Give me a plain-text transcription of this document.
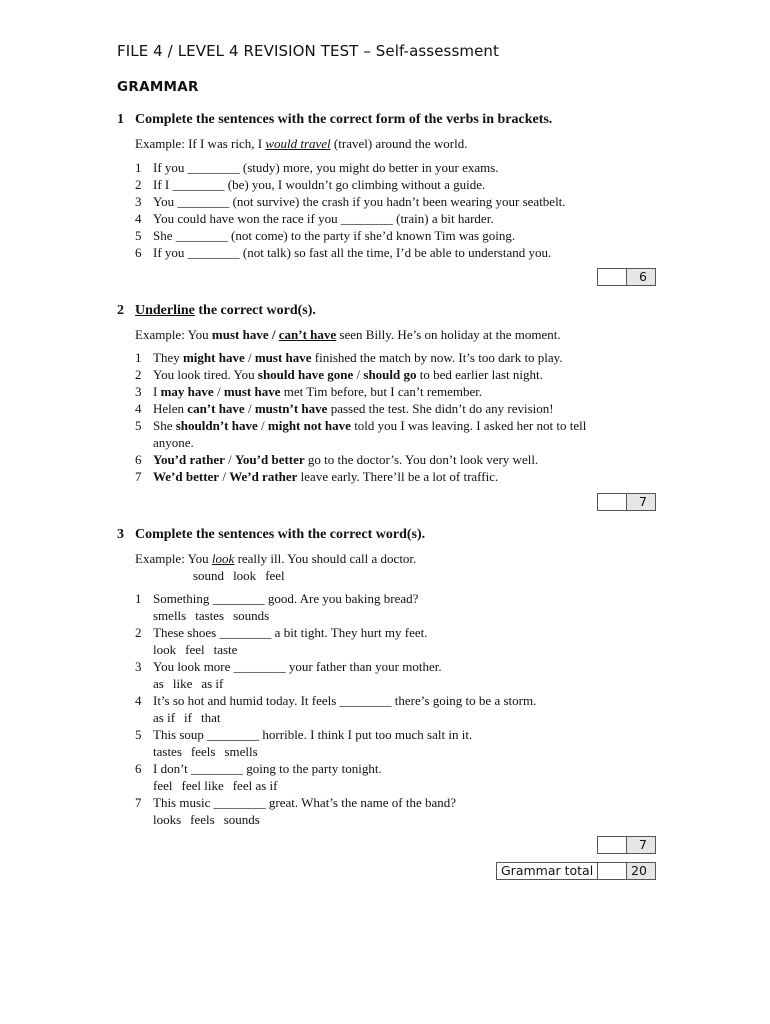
FILE 4 / LEVEL 4 REVISION TEST – Self-assessment
GRAMMAR
1 Complete the sentences with the correct form of the verbs in brackets.
Example: If I was rich, I would travel (travel) around the world.
1 If you ________ (study) more, you might do better in your exams.
2 If I ________ (be) you, I wouldn’t go climbing without a guide.
3 You ________ (not survive) the crash if you hadn’t been wearing your seatbelt.
4 You could have won the race if you ________ (train) a bit harder.
5 She ________ (not come) to the party if she’d known Tim was going.
6 If you ________ (not talk) so fast all the time, I’d be able to understand you.
6
2 Underline the correct word(s).
Example: You must have / can’t have seen Billy. He’s on holiday at the moment.
1 They might have / must have finished the match by now. It’s too dark to play.
2 You look tired. You should have gone / should go to bed earlier last night.
3 I may have / must have met Tim before, but I can’t remember.
4 Helen can’t have / mustn’t have passed the test. She didn’t do any revision!
5 She shouldn’t have / might not have told you I was leaving. I asked her not to tell
anyone.
6 You’d rather / You’d better go to the doctor’s. You don’t look very well.
7 We’d better / We’d rather leave early. There’ll be a lot of traffic.
7
3 Complete the sentences with the correct word(s).
Example: You look really ill. You should call a doctor.
sound look feel
1 Something ________ good. Are you baking bread?
smells tastes sounds
2 These shoes ________ a bit tight. They hurt my feet.
look feel taste
3 You look more ________ your father than your mother.
as like as if
4 It’s so hot and humid today. It feels ________ there’s going to be a storm.
as if if that
5 This soup ________ horrible. I think I put too much salt in it.
tastes feels smells
6 I don’t ________ going to the party tonight.
feel feel like feel as if
7 This music ________ great. What’s the name of the band?
looks feels sounds
7
Grammar total	20
